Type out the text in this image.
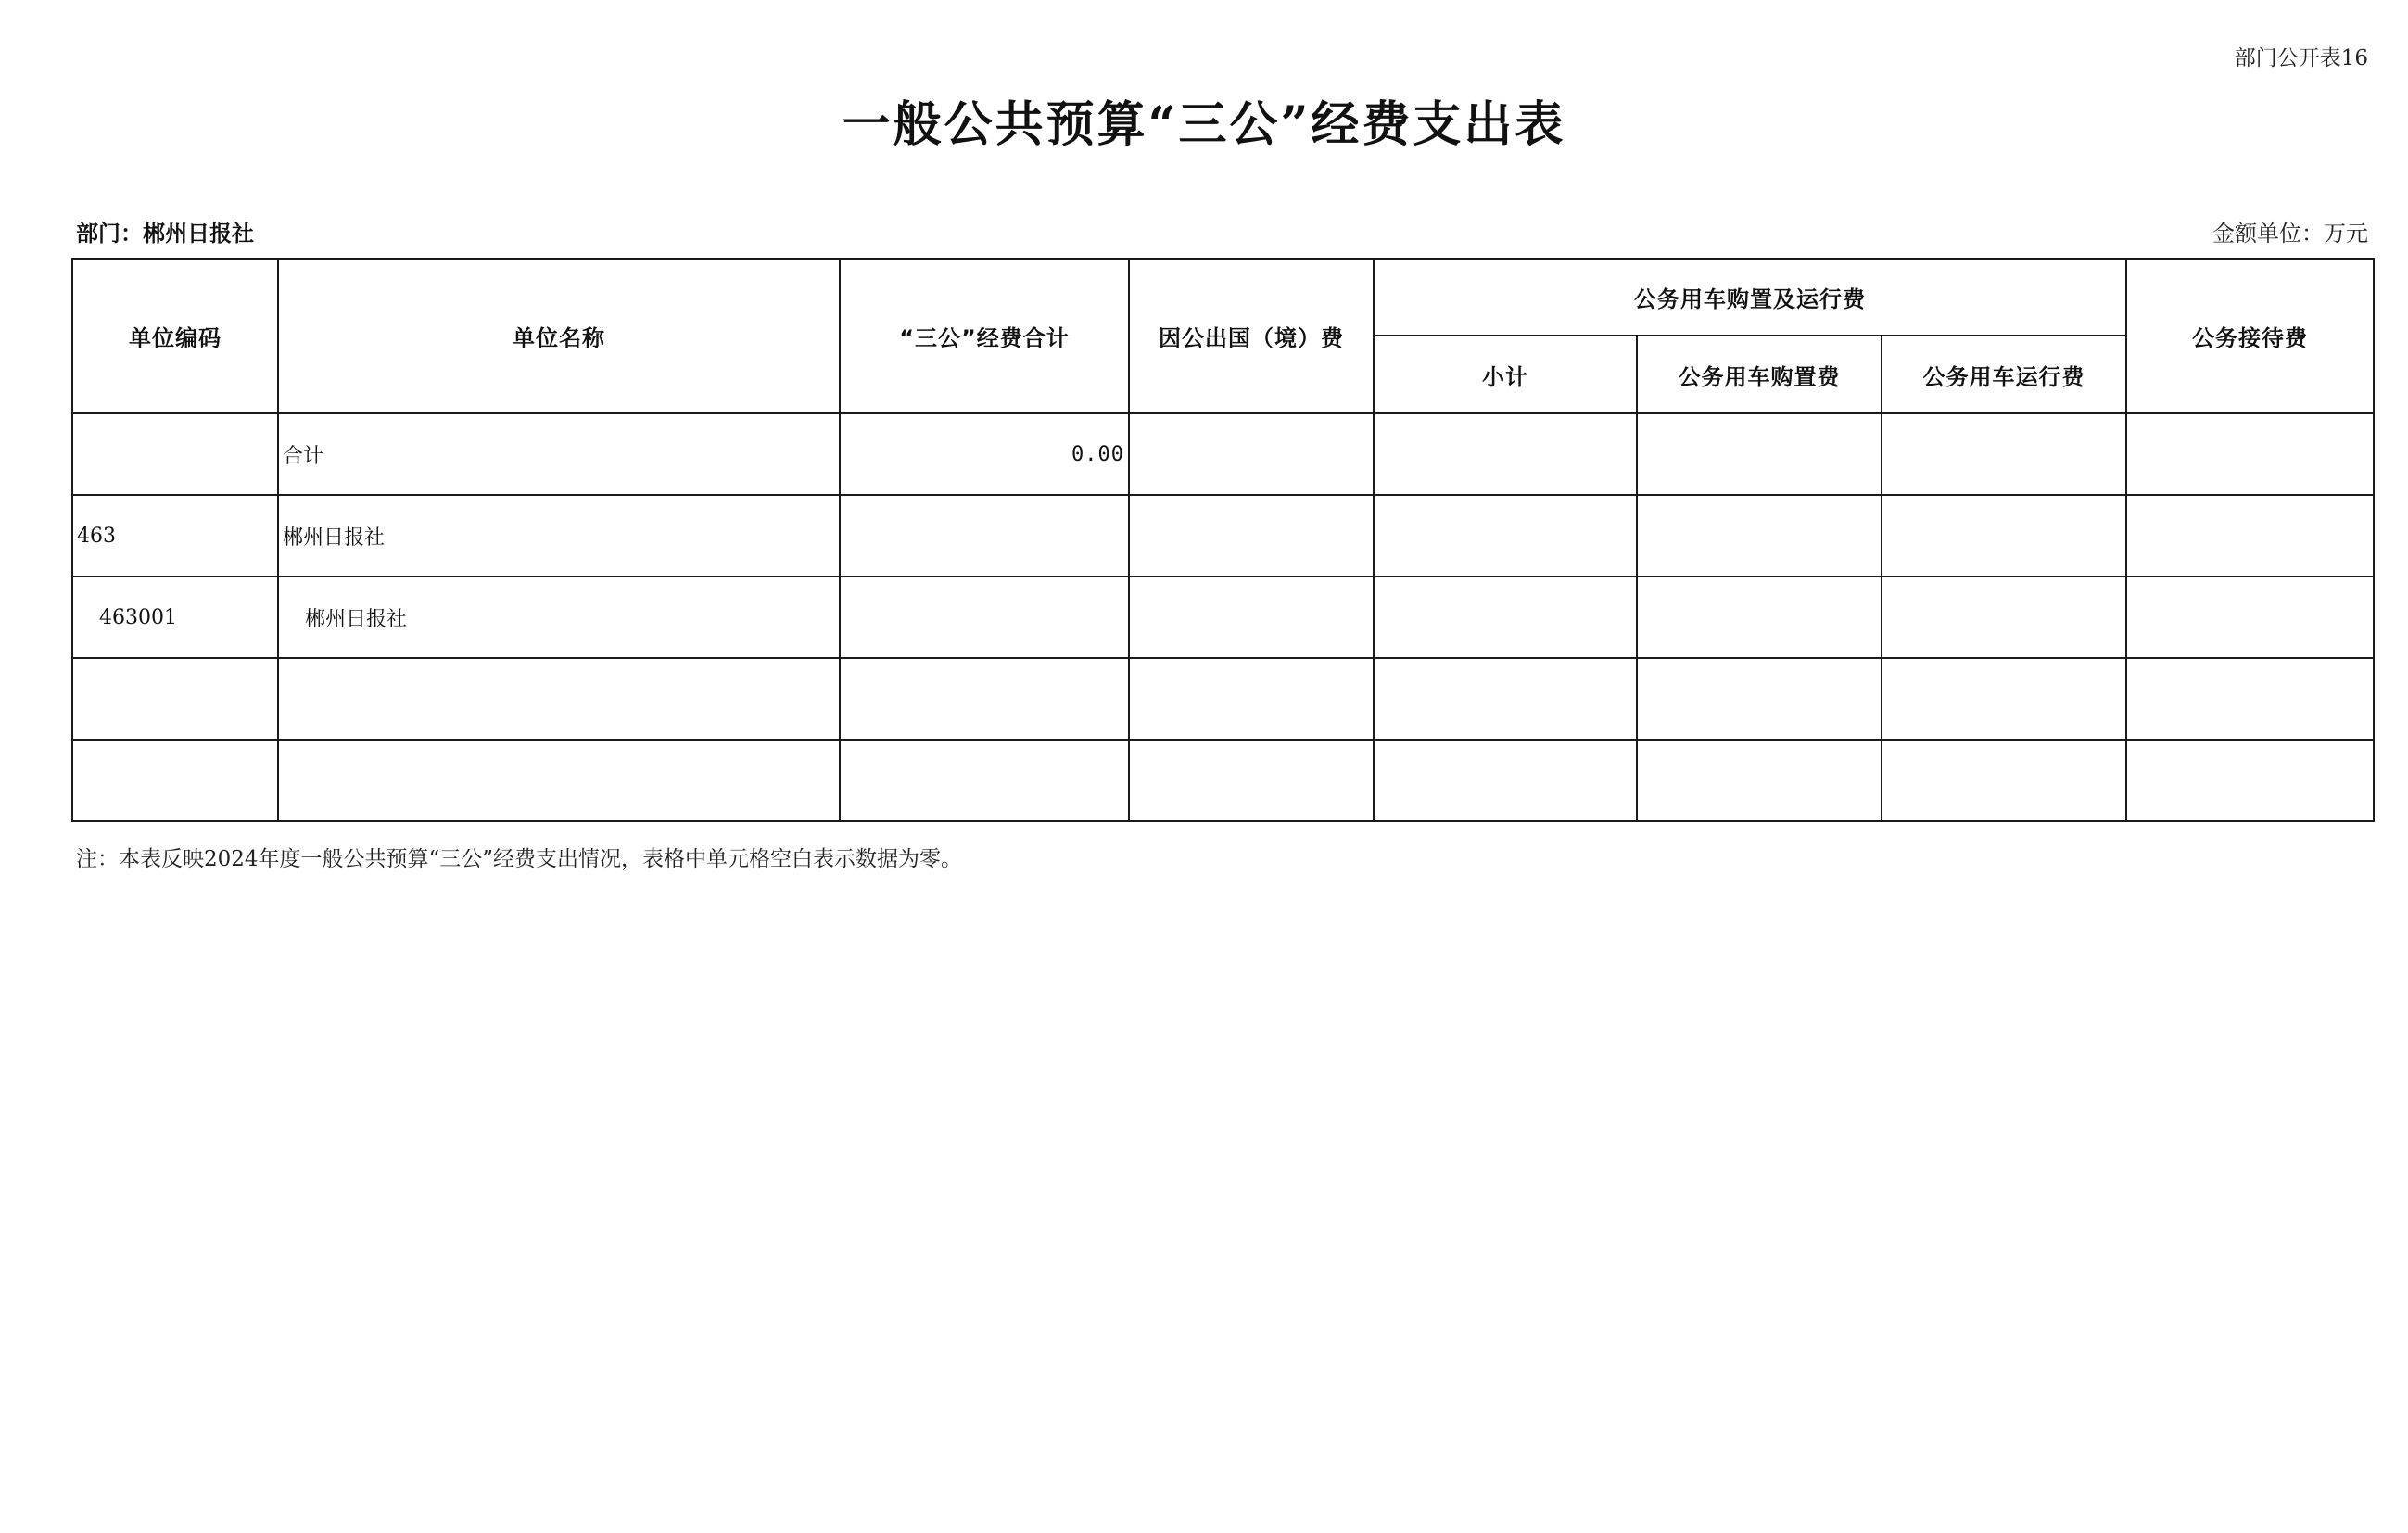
部门公开表16
一般公共预算“三公”经费支出表
部门：郴州日报社	金额单位：万元
单位编码	单位名称	“三公”经费合计	因公出国（境）费	公务用车购置及运行费			公务接待费
				小计	公务用车购置费	公务用车运行费	
	合计	0.00					
463	郴州日报社						
463001	郴州日报社						

注：本表反映2024年度一般公共预算“三公”经费支出情况，表格中单元格空白表示数据为零。
